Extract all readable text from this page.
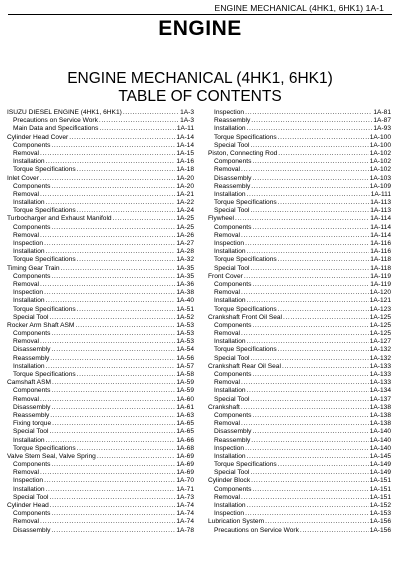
ENGINE MECHANICAL (4HK1, 6HK1) 1A-1
ENGINE
ENGINE MECHANICAL (4HK1, 6HK1)
TABLE OF CONTENTS
ISUZU DIESEL ENGINE (4HK1, 6HK1) .....	1A-3
Precautions on Service Work .....	1A-3
Main Data and Specifications .....	1A-11
Cylinder Head Cover .....	1A-14
Components .....	1A-14
Removal .....	1A-15
Installation .....	1A-16
Torque Specifications .....	1A-18
Inlet Cover .....	1A-20
Components .....	1A-20
Removal .....	1A-21
Installation .....	1A-22
Torque Specifications .....	1A-24
Turbocharger and Exhaust Manifold .....	1A-25
Components .....	1A-25
Removal .....	1A-26
Inspection .....	1A-27
Installation .....	1A-28
Torque Specifications .....	1A-32
Timing Gear Train .....	1A-35
Components .....	1A-35
Removal .....	1A-36
Inspection .....	1A-38
Installation .....	1A-40
Torque Specifications .....	1A-51
Special Tool .....	1A-52
Rocker Arm Shaft ASM .....	1A-53
Components .....	1A-53
Removal .....	1A-53
Disassembly .....	1A-54
Reassembly .....	1A-56
Installation .....	1A-57
Torque Specifications .....	1A-58
Camshaft ASM .....	1A-59
Components .....	1A-59
Removal .....	1A-60
Disassembly .....	1A-61
Reassembly .....	1A-63
Fixing torque .....	1A-65
Special Tool .....	1A-65
Installation .....	1A-66
Torque Specifications .....	1A-68
Valve Stem Seal, Valve Spring .....	1A-69
Components .....	1A-69
Removal .....	1A-69
Inspection .....	1A-70
Installation .....	1A-71
Special Tool .....	1A-73
Cylinder Head .....	1A-74
Components .....	1A-74
Removal .....	1A-74
Disassembly .....	1A-78
Inspection .....	1A-81
Reassembly .....	1A-87
Installation .....	1A-93
Torque Specifications .....	1A-100
Special Tool .....	1A-100
Piston, Connecting Rod .....	1A-102
Components .....	1A-102
Removal .....	1A-102
Disassembly .....	1A-103
Reassembly .....	1A-109
Installation .....	1A-111
Torque Specifications .....	1A-113
Special Tool .....	1A-113
Flywheel .....	1A-114
Components .....	1A-114
Removal .....	1A-114
Inspection .....	1A-116
Installation .....	1A-116
Torque Specifications .....	1A-118
Special Tool .....	1A-118
Front Cover .....	1A-119
Components .....	1A-119
Removal .....	1A-120
Installation .....	1A-121
Torque Specifications .....	1A-123
Crankshaft Front Oil Seal .....	1A-125
Components .....	1A-125
Removal .....	1A-125
Installation .....	1A-127
Torque Specifications .....	1A-132
Special Tool .....	1A-132
Crankshaft Rear Oil Seal .....	1A-133
Components .....	1A-133
Removal .....	1A-133
Installation .....	1A-134
Special Tool .....	1A-137
Crankshaft .....	1A-138
Components .....	1A-138
Removal .....	1A-138
Disassembly .....	1A-140
Reassembly .....	1A-140
Inspection .....	1A-140
Installation .....	1A-145
Torque Specifications .....	1A-149
Special Tool .....	1A-149
Cylinder Block .....	1A-151
Components .....	1A-151
Removal .....	1A-151
Installation .....	1A-152
Inspection .....	1A-153
Lubrication System .....	1A-156
Precautions on Service Work .....	1A-156
